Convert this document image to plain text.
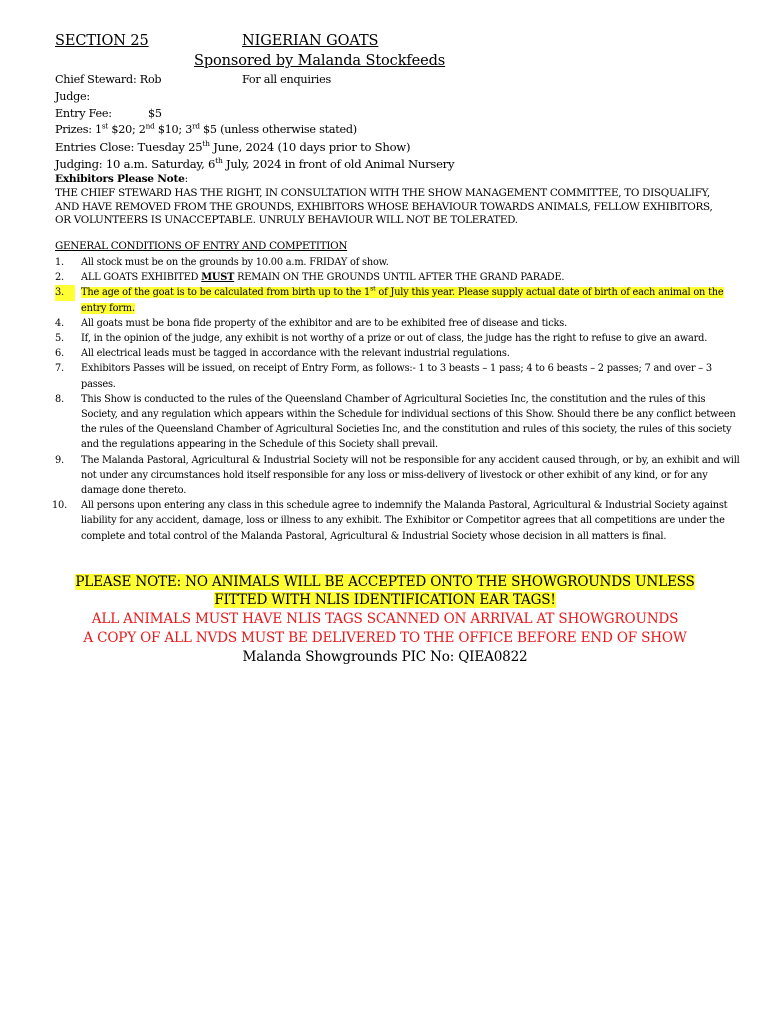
SECTION 25	NIGERIAN GOATS
Sponsored by Malanda Stockfeeds
Chief Steward: Rob	For all enquiries
Judge:
Entry Fee:	$5
Prizes: 1st $20; 2nd $10; 3rd $5 (unless otherwise stated)
Entries Close: Tuesday 25th June, 2024 (10 days prior to Show)
Judging: 10 a.m. Saturday, 6th July, 2024 in front of old Animal Nursery
Exhibitors Please Note:
THE CHIEF STEWARD HAS THE RIGHT, IN CONSULTATION WITH THE SHOW MANAGEMENT COMMITTEE, TO DISQUALIFY, AND HAVE REMOVED FROM THE GROUNDS, EXHIBITORS WHOSE BEHAVIOUR TOWARDS ANIMALS, FELLOW EXHIBITORS, OR VOLUNTEERS IS UNACCEPTABLE. UNRULY BEHAVIOUR WILL NOT BE TOLERATED.
GENERAL CONDITIONS OF ENTRY AND COMPETITION
1.	All stock must be on the grounds by 10.00 a.m. FRIDAY of show.
2.	ALL GOATS EXHIBITED MUST REMAIN ON THE GROUNDS UNTIL AFTER THE GRAND PARADE.
3.	The age of the goat is to be calculated from birth up to the 1st of July this year. Please supply actual date of birth of each animal on the entry form.
4.	All goats must be bona fide property of the exhibitor and are to be exhibited free of disease and ticks.
5.	If, in the opinion of the judge, any exhibit is not worthy of a prize or out of class, the judge has the right to refuse to give an award.
6.	All electrical leads must be tagged in accordance with the relevant industrial regulations.
7.	Exhibitors Passes will be issued, on receipt of Entry Form, as follows:- 1 to 3 beasts – 1 pass; 4 to 6 beasts – 2 passes; 7 and over – 3 passes.
8.	This Show is conducted to the rules of the Queensland Chamber of Agricultural Societies Inc, the constitution and the rules of this Society, and any regulation which appears within the Schedule for individual sections of this Show. Should there be any conflict between the rules of the Queensland Chamber of Agricultural Societies Inc, and the constitution and rules of this society, the rules of this society and the regulations appearing in the Schedule of this Society shall prevail.
9.	The Malanda Pastoral, Agricultural & Industrial Society will not be responsible for any accident caused through, or by, an exhibit and will not under any circumstances hold itself responsible for any loss or miss-delivery of livestock or other exhibit of any kind, or for any damage done thereto.
10.	All persons upon entering any class in this schedule agree to indemnify the Malanda Pastoral, Agricultural & Industrial Society against liability for any accident, damage, loss or illness to any exhibit. The Exhibitor or Competitor agrees that all competitions are under the complete and total control of the Malanda Pastoral, Agricultural & Industrial Society whose decision in all matters is final.
PLEASE NOTE: NO ANIMALS WILL BE ACCEPTED ONTO THE SHOWGROUNDS UNLESS
FITTED WITH NLIS IDENTIFICATION EAR TAGS!
ALL ANIMALS MUST HAVE NLIS TAGS SCANNED ON ARRIVAL AT SHOWGROUNDS
A COPY OF ALL NVDS MUST BE DELIVERED TO THE OFFICE BEFORE END OF SHOW
Malanda Showgrounds PIC No: QIEA0822
